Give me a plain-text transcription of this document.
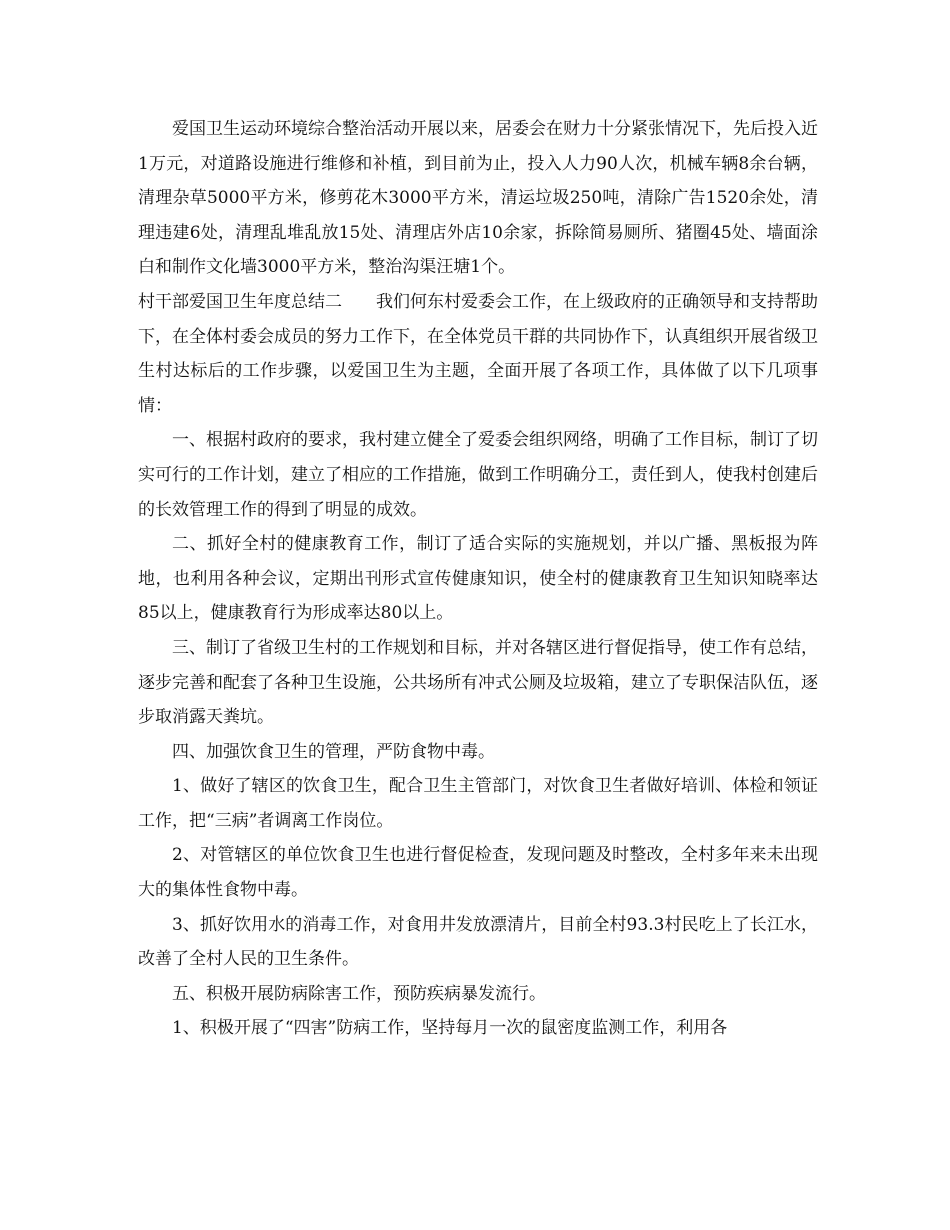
爱国卫生运动环境综合整治活动开展以来，居委会在财力十分紧张情况下，先后投入近1万元，对道路设施进行维修和补植，到目前为止，投入人力90人次，机械车辆8余台辆，清理杂草5000平方米，修剪花木3000平方米，清运垃圾250吨，清除广告1520余处，清理违建6处，清理乱堆乱放15处、清理店外店10余家，拆除简易厕所、猪圈45处、墙面涂白和制作文化墙3000平方米，整治沟渠汪塘1个。

村干部爱国卫生年度总结二 我们何东村爱委会工作，在上级政府的正确领导和支持帮助下，在全体村委会成员的努力工作下，在全体党员干群的共同协作下，认真组织开展省级卫生村达标后的工作步骤，以爱国卫生为主题，全面开展了各项工作，具体做了以下几项事情：

一、根据村政府的要求，我村建立健全了爱委会组织网络，明确了工作目标，制订了切实可行的工作计划，建立了相应的工作措施，做到工作明确分工，责任到人，使我村创建后的长效管理工作的得到了明显的成效。

二、抓好全村的健康教育工作，制订了适合实际的实施规划，并以广播、黑板报为阵地，也利用各种会议，定期出刊形式宣传健康知识，使全村的健康教育卫生知识知晓率达85以上，健康教育行为形成率达80以上。

三、制订了省级卫生村的工作规划和目标，并对各辖区进行督促指导，使工作有总结，逐步完善和配套了各种卫生设施，公共场所有冲式公厕及垃圾箱，建立了专职保洁队伍，逐步取消露天粪坑。

四、加强饮食卫生的管理，严防食物中毒。

1、做好了辖区的饮食卫生，配合卫生主管部门，对饮食卫生者做好培训、体检和领证工作，把“三病”者调离工作岗位。

2、对管辖区的单位饮食卫生也进行督促检查，发现问题及时整改，全村多年来未出现大的集体性食物中毒。

3、抓好饮用水的消毒工作，对食用井发放漂清片，目前全村93.3村民吃上了长江水，改善了全村人民的卫生条件。

五、积极开展防病除害工作，预防疾病暴发流行。

1、积极开展了“四害”防病工作，坚持每月一次的鼠密度监测工作，利用各
